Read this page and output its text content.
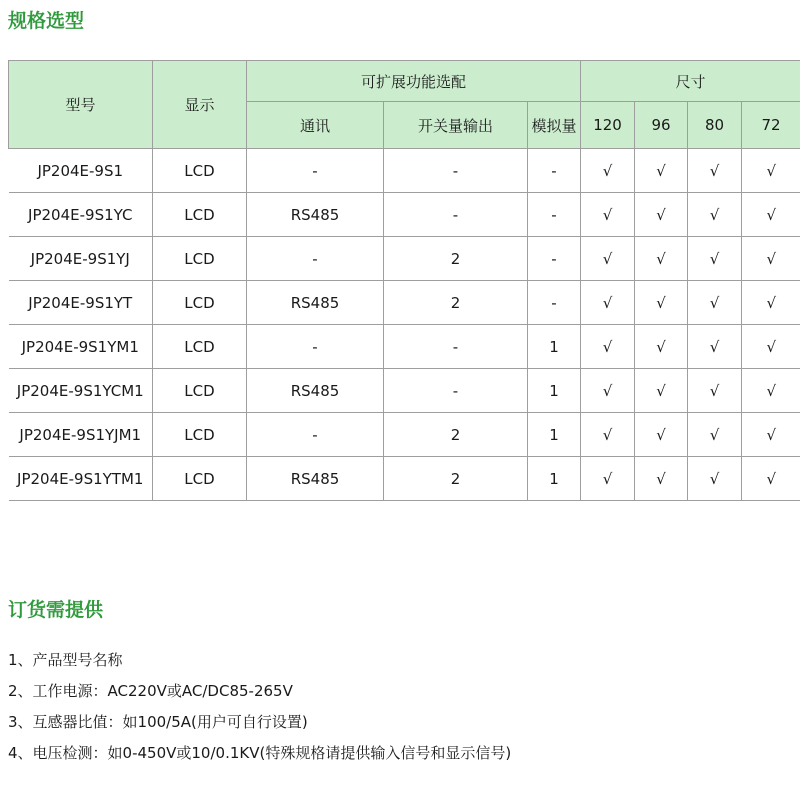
规格选型
型号	显示	可扩展功能选配			尺寸			
		通讯	开关量输出	模拟量	120	96	80	72
JP204E-9S1	LCD	-	-	-	√	√	√	√
JP204E-9S1YC	LCD	RS485	-	-	√	√	√	√
JP204E-9S1YJ	LCD	-	2	-	√	√	√	√
JP204E-9S1YT	LCD	RS485	2	-	√	√	√	√
JP204E-9S1YM1	LCD	-	-	1	√	√	√	√
JP204E-9S1YCM1	LCD	RS485	-	1	√	√	√	√
JP204E-9S1YJM1	LCD	-	2	1	√	√	√	√
JP204E-9S1YTM1	LCD	RS485	2	1	√	√	√	√
订货需提供
1、产品型号名称
2、工作电源：AC220V或AC/DC85-265V
3、互感器比值：如100/5A(用户可自行设置)
4、电压检测：如0-450V或10/0.1KV(特殊规格请提供输入信号和显示信号)
